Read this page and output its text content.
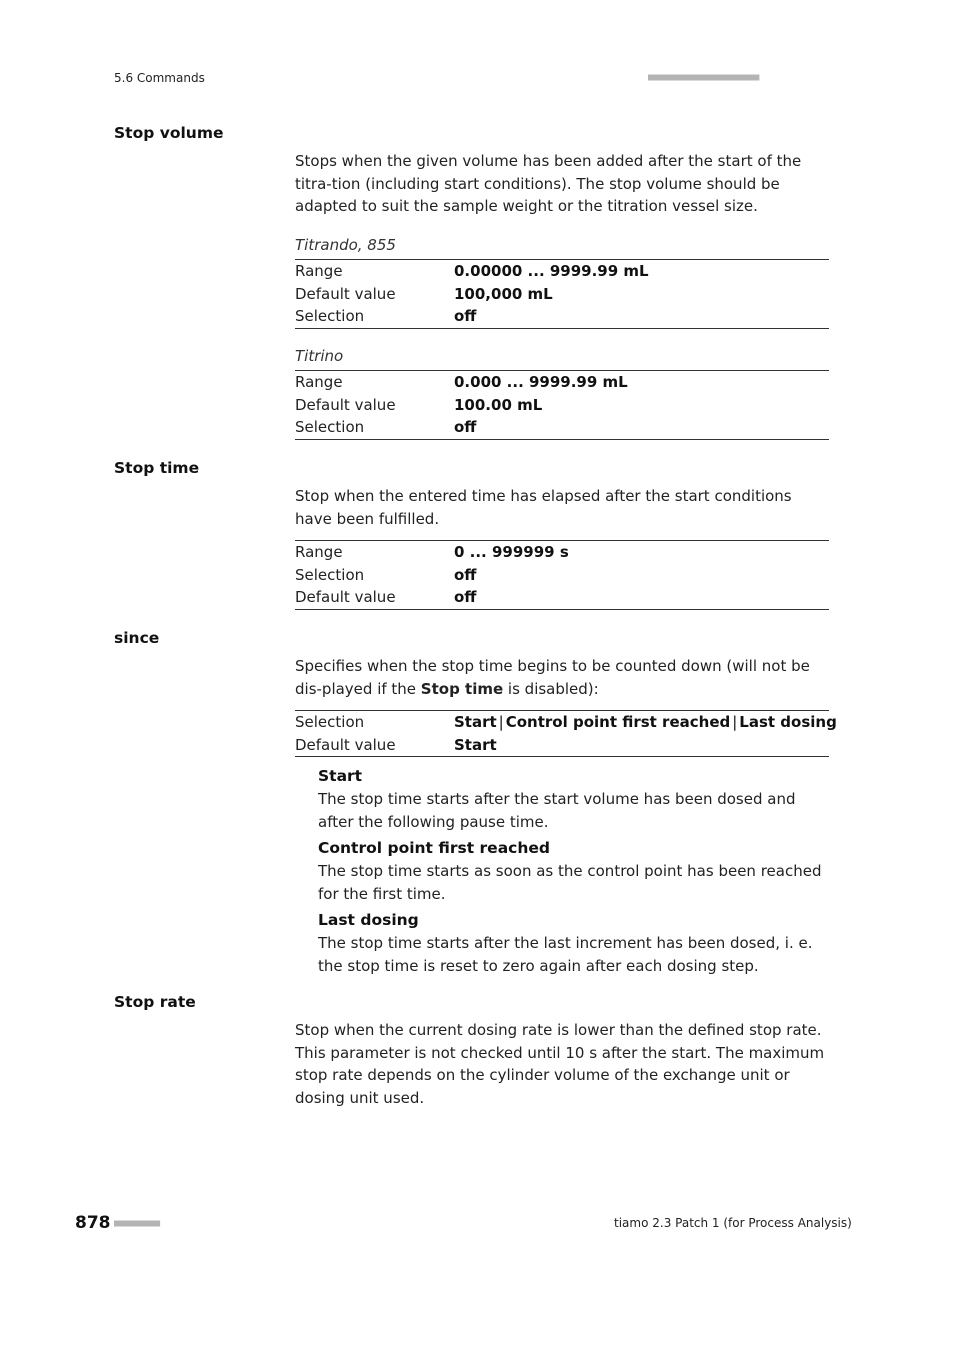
5.6 Commands	■■■■■■■■■■■■■■■■■■■■■■
Stop volume
Stops when the given volume has been added after the start of the titra-tion (including start conditions). The stop volume should be adapted to suit the sample weight or the titration vessel size.
Titrando, 855
Range	0.00000 ... 9999.99 mL
Default value	100,000 mL
Selection	off
Titrino
Range	0.000 ... 9999.99 mL
Default value	100.00 mL
Selection	off
Stop time
Stop when the entered time has elapsed after the start conditions have been fulfilled.
Range	0 ... 999999 s
Selection	off
Default value	off
since
Specifies when the stop time begins to be counted down (will not be dis-played if the Stop time is disabled):
Selection	Start | Control point first reached | Last dosing
Default value	Start
Start
The stop time starts after the start volume has been dosed and after the following pause time.
Control point first reached
The stop time starts as soon as the control point has been reached for the first time.
Last dosing
The stop time starts after the last increment has been dosed, i. e. the stop time is reset to zero again after each dosing step.
Stop rate
Stop when the current dosing rate is lower than the defined stop rate. This parameter is not checked until 10 s after the start. The maximum stop rate depends on the cylinder volume of the exchange unit or dosing unit used.
878 ■■■■■■■■■	tiamo 2.3 Patch 1 (for Process Analysis)
